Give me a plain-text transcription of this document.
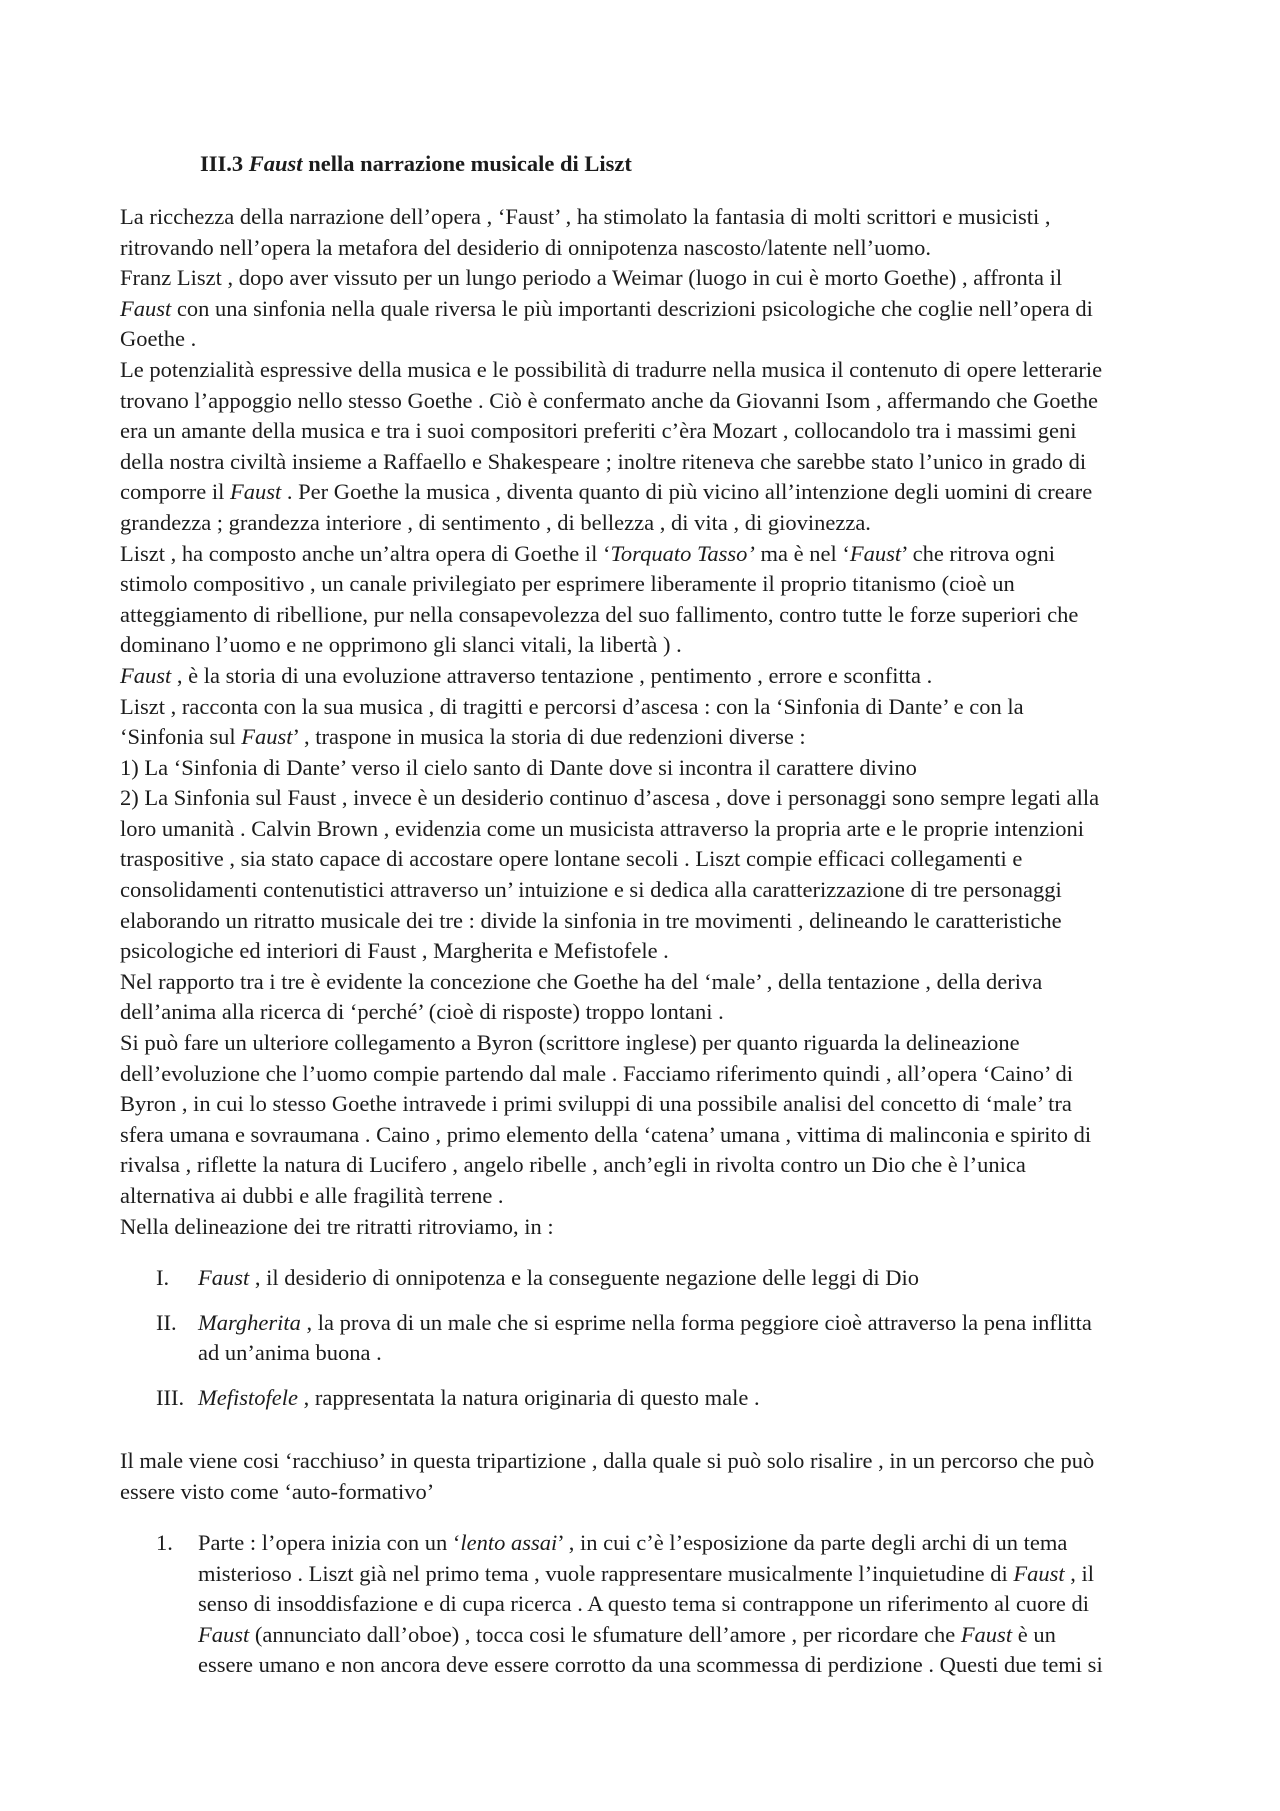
III.3 Faust nella narrazione musicale di Liszt

La ricchezza della narrazione dell’opera , ‘Faust’ , ha stimolato la fantasia di molti scrittori e musicisti ,
ritrovando nell’opera la metafora del desiderio di onnipotenza nascosto/latente nell’uomo.

Franz Liszt , dopo aver vissuto per un lungo periodo a Weimar (luogo in cui è morto Goethe) , affronta il
Faust con una sinfonia nella quale riversa le più importanti descrizioni psicologiche che coglie nell’opera di
Goethe .

Le potenzialità espressive della musica e le possibilità di tradurre nella musica il contenuto di opere letterarie
trovano l’appoggio nello stesso Goethe . Ciò è confermato anche da Giovanni Isom , affermando che Goethe
era un amante della musica e tra i suoi compositori preferiti c’èra Mozart , collocandolo tra i massimi geni
della nostra civiltà insieme a Raffaello e Shakespeare ; inoltre riteneva che sarebbe stato l’unico in grado di
comporre il Faust . Per Goethe la musica , diventa quanto di più vicino all’intenzione degli uomini di creare
grandezza ; grandezza interiore , di sentimento , di bellezza , di vita , di giovinezza.

Liszt , ha composto anche un’altra opera di Goethe il ‘Torquato Tasso’ ma è nel ‘Faust’ che ritrova ogni
stimolo compositivo , un canale privilegiato per esprimere liberamente il proprio titanismo (cioè un
atteggiamento di ribellione, pur nella consapevolezza del suo fallimento, contro tutte le forze superiori che
dominano l’uomo e ne opprimono gli slanci vitali, la libertà ) .

Faust , è la storia di una evoluzione attraverso tentazione , pentimento , errore e sconfitta .

Liszt , racconta con la sua musica , di tragitti e percorsi d’ascesa : con la ‘Sinfonia di Dante’ e con la
‘Sinfonia sul Faust’ , traspone in musica la storia di due redenzioni diverse :
1) La ‘Sinfonia di Dante’ verso il cielo santo di Dante dove si incontra il carattere divino
2) La Sinfonia sul Faust , invece è un desiderio continuo d’ascesa , dove i personaggi sono sempre legati alla
loro umanità . Calvin Brown , evidenzia come un musicista attraverso la propria arte e le proprie intenzioni
traspositive , sia stato capace di accostare opere lontane secoli . Liszt compie efficaci collegamenti e
consolidamenti contenutistici attraverso un’ intuizione e si dedica alla caratterizzazione di tre personaggi
elaborando un ritratto musicale dei tre : divide la sinfonia in tre movimenti , delineando le caratteristiche
psicologiche ed interiori di Faust , Margherita e Mefistofele .

Nel rapporto tra i tre è evidente la concezione che Goethe ha del ‘male’ , della tentazione , della deriva
dell’anima alla ricerca di ‘perché’ (cioè di risposte) troppo lontani .

Si può fare un ulteriore collegamento a Byron (scrittore inglese) per quanto riguarda la delineazione
dell’evoluzione che l’uomo compie partendo dal male . Facciamo riferimento quindi , all’opera ‘Caino’ di
Byron , in cui lo stesso Goethe intravede i primi sviluppi di una possibile analisi del concetto di ‘male’ tra
sfera umana e sovraumana . Caino , primo elemento della ‘catena’ umana , vittima di malinconia e spirito di
rivalsa , riflette la natura di Lucifero , angelo ribelle , anch’egli in rivolta contro un Dio che è l’unica
alternativa ai dubbi e alle fragilità terrene .

Nella delineazione dei tre ritratti ritroviamo, in :

I. Faust , il desiderio di onnipotenza e la conseguente negazione delle leggi di Dio
II. Margherita , la prova di un male che si esprime nella forma peggiore cioè attraverso la pena inflitta
ad un’anima buona .
III. Mefistofele , rappresentata la natura originaria di questo male .

Il male viene cosi ‘racchiuso’ in questa tripartizione , dalla quale si può solo risalire , in un percorso che può
essere visto come ‘auto-formativo’

1. Parte : l’opera inizia con un ‘lento assai’ , in cui c’è l’esposizione da parte degli archi di un tema
misterioso . Liszt già nel primo tema , vuole rappresentare musicalmente l’inquietudine di Faust , il
senso di insoddisfazione e di cupa ricerca . A questo tema si contrappone un riferimento al cuore di
Faust (annunciato dall’oboe) , tocca cosi le sfumature dell’amore , per ricordare che Faust è un
essere umano e non ancora deve essere corrotto da una scommessa di perdizione . Questi due temi si
